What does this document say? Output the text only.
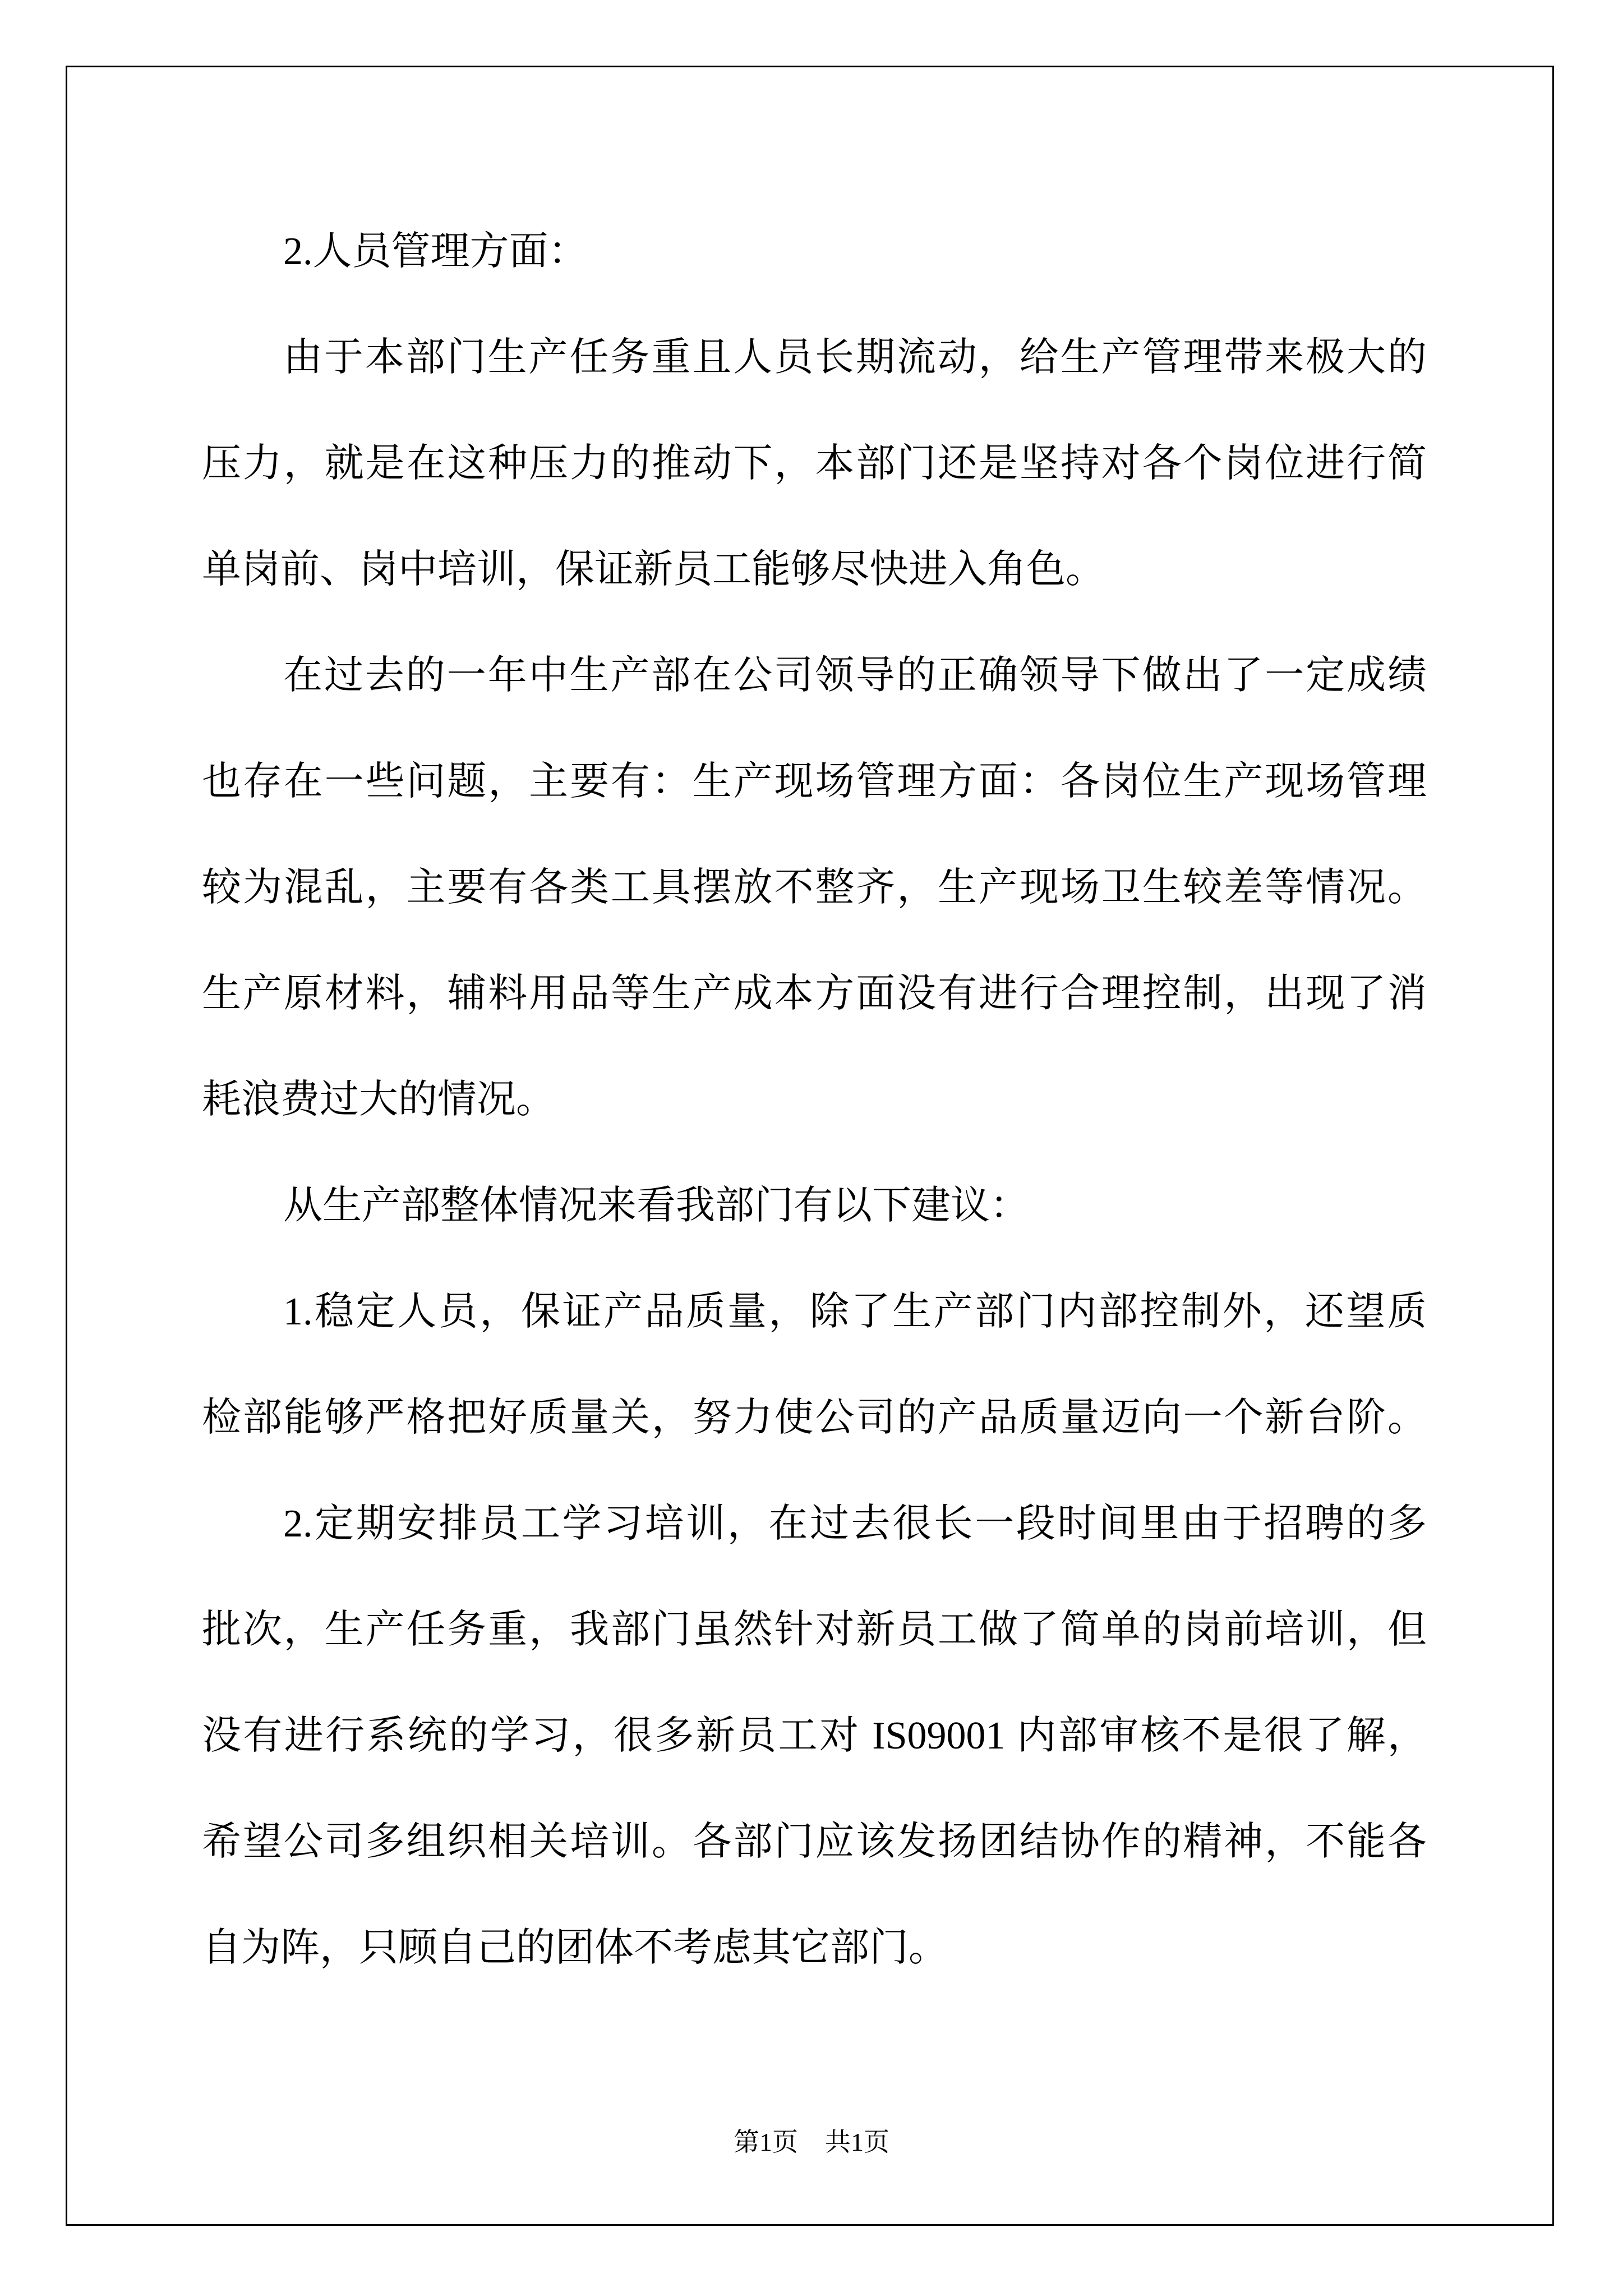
2.人员管理方面：
由于本部门生产任务重且人员长期流动，给生产管理带来极大的
压力，就是在这种压力的推动下，本部门还是坚持对各个岗位进行简
单岗前、岗中培训，保证新员工能够尽快进入角色。
在过去的一年中生产部在公司领导的正确领导下做出了一定成绩
也存在一些问题，主要有：生产现场管理方面：各岗位生产现场管理
较为混乱，主要有各类工具摆放不整齐，生产现场卫生较差等情况。
生产原材料，辅料用品等生产成本方面没有进行合理控制，出现了消
耗浪费过大的情况。
从生产部整体情况来看我部门有以下建议：
1.稳定人员，保证产品质量，除了生产部门内部控制外，还望质
检部能够严格把好质量关，努力使公司的产品质量迈向一个新台阶。
2.定期安排员工学习培训，在过去很长一段时间里由于招聘的多
批次，生产任务重，我部门虽然针对新员工做了简单的岗前培训，但
没有进行系统的学习，很多新员工对 IS09001 内部审核不是很了解，
希望公司多组织相关培训。各部门应该发扬团结协作的精神，不能各
自为阵，只顾自己的团体不考虑其它部门。
第1页 共1页
